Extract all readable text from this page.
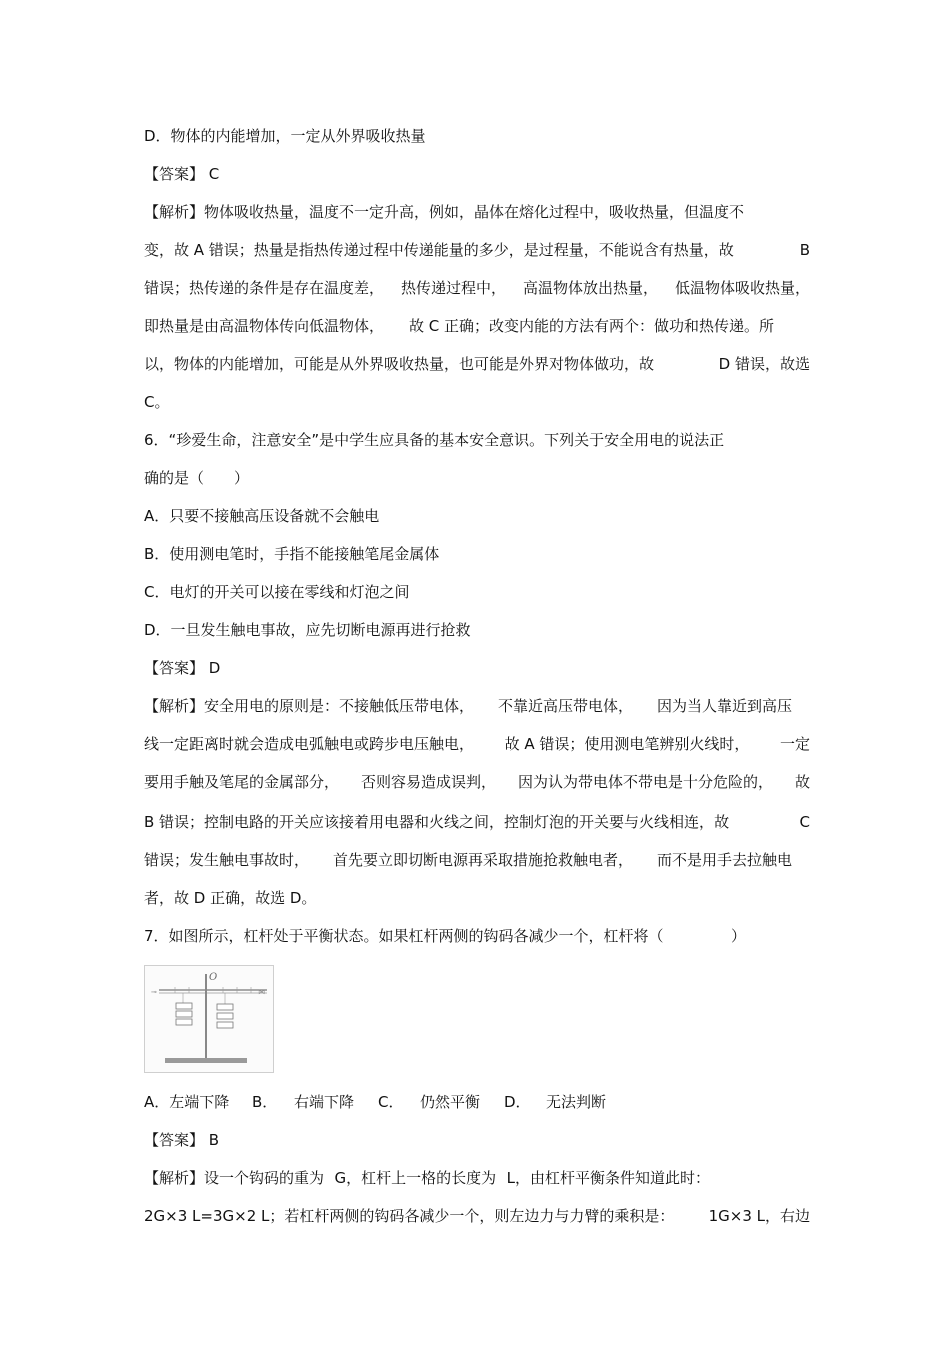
D．物体的内能增加，一定从外界吸收热量
【答案】 C
【解析】物体吸收热量，温度不一定升高，例如，晶体在熔化过程中，吸收热量，但温度不
变，故 A 错误；热量是指热传递过程中传递能量的多少，是过程量，不能说含有热量，故	B
错误；热传递的条件是存在温度差， 热传递过程中， 高温物体放出热量， 低温物体吸收热量，
即热量是由高温物体传向低温物体， 故 C 正确；改变内能的方法有两个：做功和热传递。所
以，物体的内能增加，可能是从外界吸收热量，也可能是外界对物体做功，故	D 错误，故选
C。
6．“珍爱生命，注意安全”是中学生应具备的基本安全意识。下列关于安全用电的说法正
确的是（　　）
A．只要不接触高压设备就不会触电
B．使用测电笔时，手指不能接触笔尾金属体
C．电灯的开关可以接在零线和灯泡之间
D．一旦发生触电事故，应先切断电源再进行抢救
【答案】 D
【解析】安全用电的原则是：不接触低压带电体， 不靠近高压带电体， 因为当人靠近到高压
线一定距离时就会造成电弧触电或跨步电压触电， 故 A 错误；使用测电笔辨别火线时， 一定
要用手触及笔尾的金属部分， 否则容易造成误判， 因为认为带电体不带电是十分危险的， 故
B 错误；控制电路的开关应该接着用电器和火线之间，控制灯泡的开关要与火线相连，故	C
错误；发生触电事故时， 首先要立即切断电源再采取措施抢救触电者， 而不是用手去拉触电
者，故 D 正确，故选 D。
7．如图所示，杠杆处于平衡状态。如果杠杆两侧的钩码各减少一个，杠杆将（	）
⊸	⋈
O
A．左端下降 B． 右端下降 C． 仍然平衡 D． 无法判断
【答案】 B
【解析】设一个钩码的重为 G，杠杆上一格的长度为 L，由杠杆平衡条件知道此时：
2G×3 L=3G×2 L；若杠杆两侧的钩码各减少一个，则左边力与力臂的乘积是： 1G×3 L，右边
